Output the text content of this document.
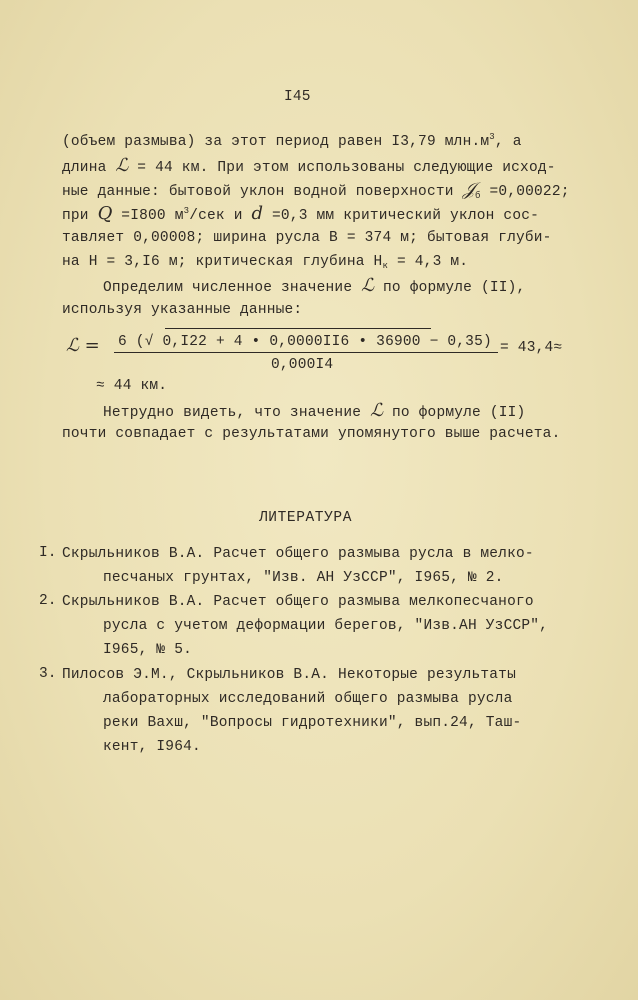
I45
(объем размыва) за этот период равен I3,79 $млн.м^3$, а
длина ℒ = 44 км. При этом использованы следующие исход-
ные данные: бытовой уклон водной поверхности 𝒥$_б$ =0,00022;
при Q =I800 $м^3$/сек и d =0,3 мм критический уклон сос-
тавляет 0,00008; ширина русла В = 374 м; бытовая глуби-
на Н = 3,I6 м; критическая глубина $Н_к = 4,3$ м.
Определим численное значение ℒ по формуле (II),
используя указанные данные:
ℒ = 6 (√ 0,I22 + 4 • 0,0000II6 • 36900 − 0,35)
0,000I4
= 43,4≈
≈ 44 км.
Нетрудно видеть, что значение ℒ по формуле (II)
почти совпадает с результатами упомянутого выше расчета.
ЛИТЕРАТУРА
I. Скрыльников В.А. Расчет общего размыва русла в мелко-
песчаных грунтах, "Изв. АН УзССР", I965, № 2.
2. Скрыльников В.А. Расчет общего размыва мелкопесчаного
русла с учетом деформации берегов, "Изв.АН УзССР",
I965, № 5.
3. Пилосов Э.М., Скрыльников В.А. Некоторые результаты
лабораторных исследований общего размыва русла
реки Вахш, "Вопросы гидротехники", вып.24, Таш-
кент, I964.
